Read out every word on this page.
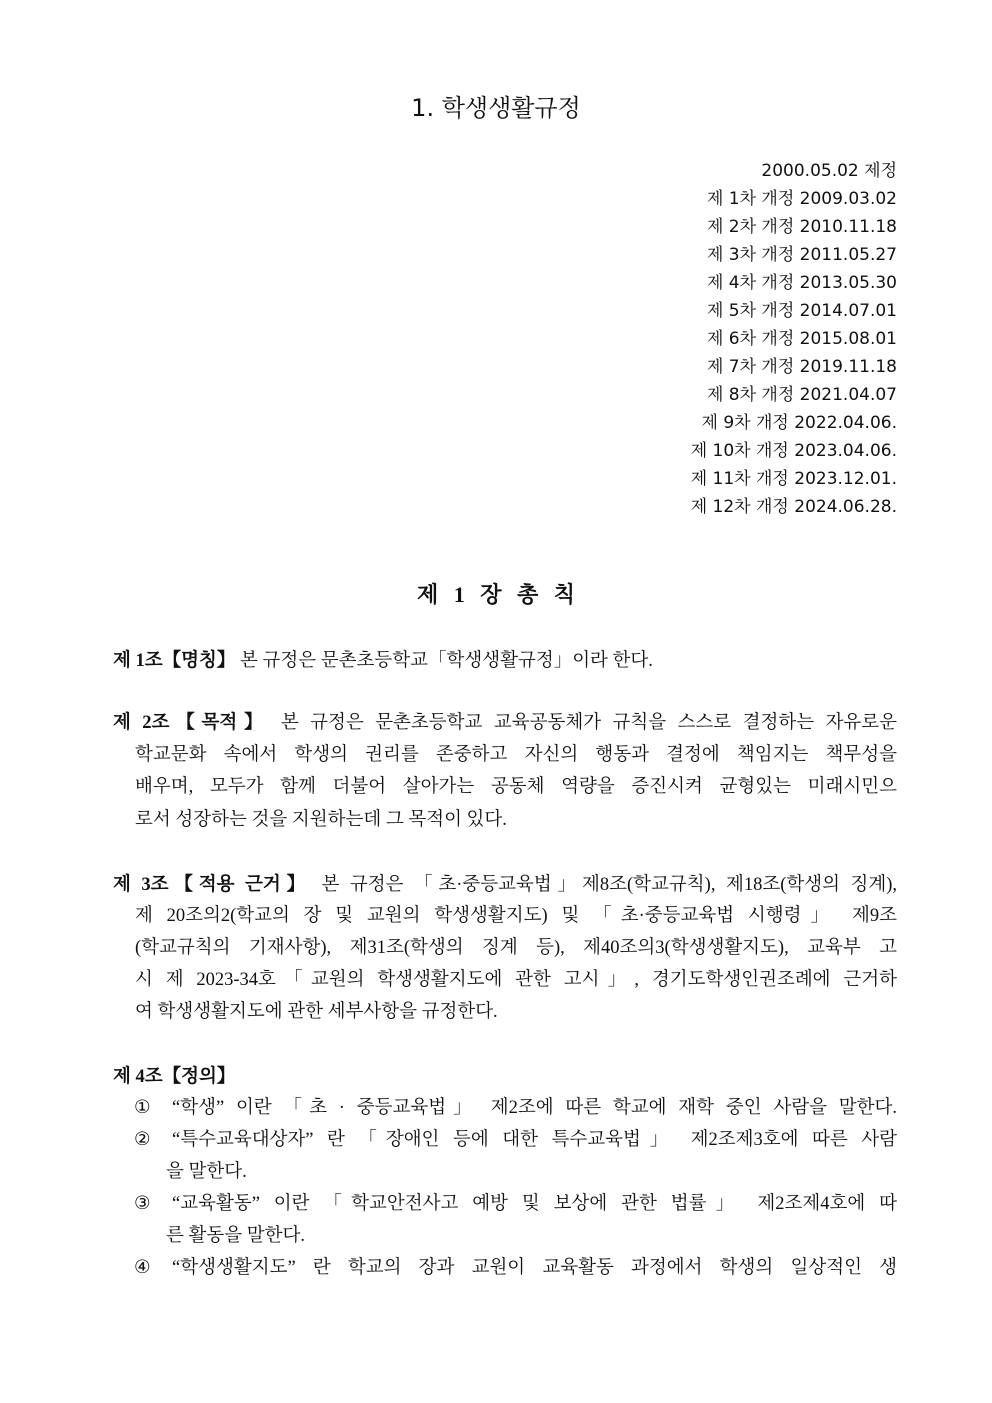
1. 학생생활규정
2000.05.02 제정
제 1차 개정 2009.03.02
제 2차 개정 2010.11.18
제 3차 개정 2011.05.27
제 4차 개정 2013.05.30
제 5차 개정 2014.07.01
제 6차 개정 2015.08.01
제 7차 개정 2019.11.18
제 8차 개정 2021.04.07
제 9차 개정 2022.04.06.
제 10차 개정 2023.04.06.
제 11차 개정 2023.12.01.
제 12차 개정 2024.06.28.
제 1 장 총 칙
제 1조【명칭】 본 규정은 문촌초등학교「학생생활규정」이라 한다.
제 2조【목적】 본 규정은 문촌초등학교 교육공동체가 규칙을 스스로 결정하는 자유로운
학교문화 속에서 학생의 권리를 존중하고 자신의 행동과 결정에 책임지는 책무성을
배우며, 모두가 함께 더불어 살아가는 공동체 역량을 증진시켜 균형있는 미래시민으
로서 성장하는 것을 지원하는데 그 목적이 있다.
제 3조【적용 근거】 본 규정은 「초·중등교육법」제8조(학교규칙), 제18조(학생의 징계),
제 20조의2(학교의 장 및 교원의 학생생활지도) 및 「초·중등교육법 시행령」 제9조
(학교규칙의 기재사항), 제31조(학생의 징계 등), 제40조의3(학생생활지도), 교육부 고
시 제 2023-34호「교원의 학생생활지도에 관한 고시」, 경기도학생인권조례에 근거하
여 학생생활지도에 관한 세부사항을 규정한다.
제 4조【정의】
① “학생” 이란 「초 · 중등교육법」 제2조에 따른 학교에 재학 중인 사람을 말한다.
② “특수교육대상자” 란 「장애인 등에 대한 특수교육법」 제2조제3호에 따른 사람
을 말한다.
③ “교육활동” 이란 「학교안전사고 예방 및 보상에 관한 법률」 제2조제4호에 따
른 활동을 말한다.
④ “학생생활지도” 란 학교의 장과 교원이 교육활동 과정에서 학생의 일상적인 생
